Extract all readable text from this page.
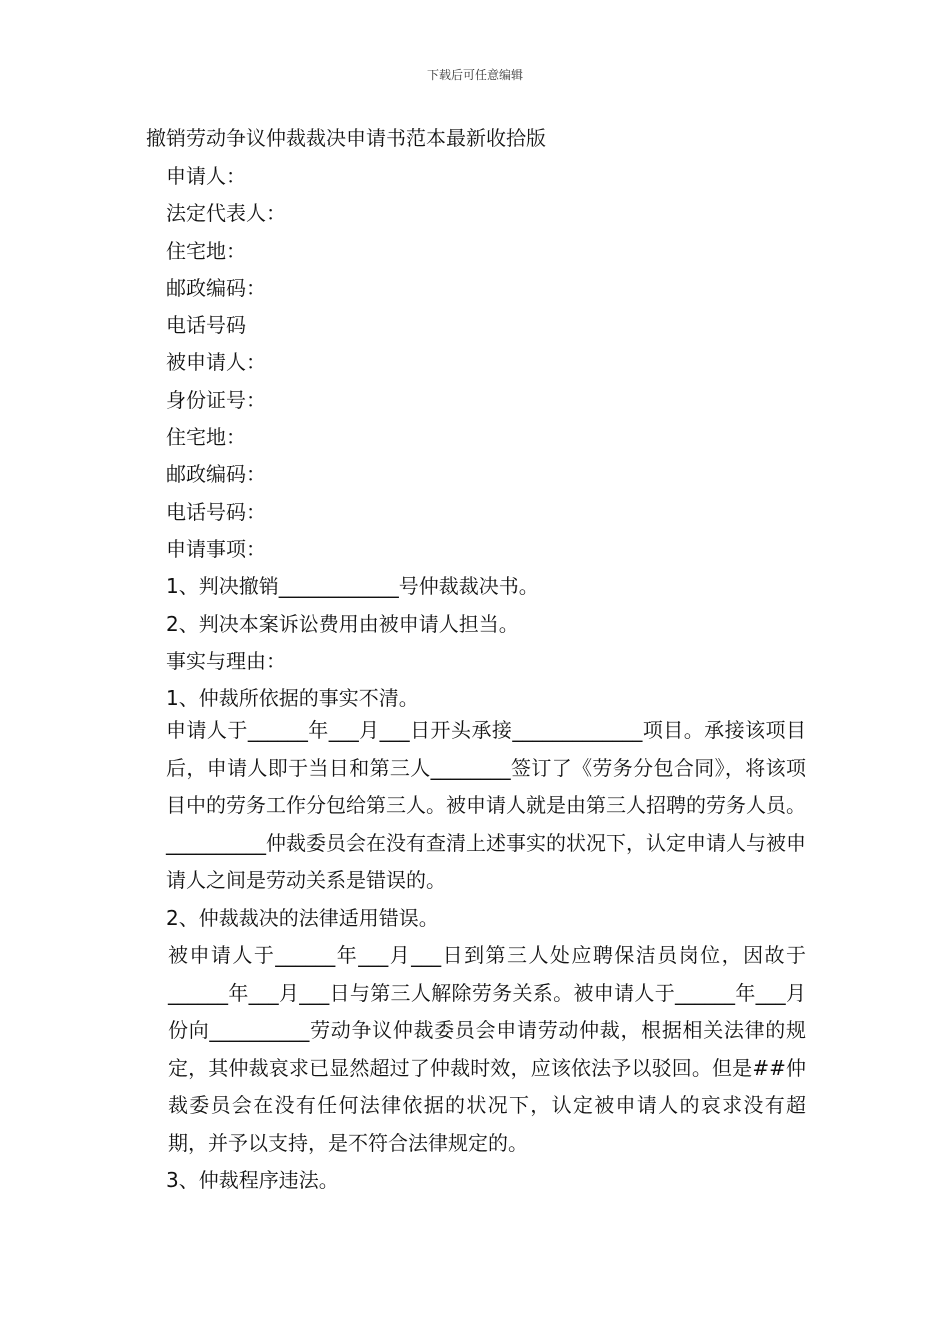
下载后可任意编辑
撤销劳动争议仲裁裁决申请书范本最新收拾版
申请人：
法定代表人：
住宅地：
邮政编码：
电话号码
被申请人：
身份证号：
住宅地：
邮政编码：
电话号码：
申请事项：
1、判决撤销____________号仲裁裁决书。
2、判决本案诉讼费用由被申请人担当。
事实与理由：
1、仲裁所依据的事实不清。

申请人于______年___月___日开头承接_____________项目。承接该项目后，申请人即于当日和第三人________签订了《劳务分包合同》，将该项目中的劳务工作分包给第三人。被申请人就是由第三人招聘的劳务人员。__________仲裁委员会在没有查清上述事实的状况下，认定申请人与被申请人之间是劳动关系是错误的。

2、仲裁裁决的法律适用错误。

被申请人于______年___月___日到第三人处应聘保洁员岗位，因故于______年___月___日与第三人解除劳务关系。被申请人于______年___月份向__________劳动争议仲裁委员会申请劳动仲裁，根据相关法律的规定，其仲裁哀求已显然超过了仲裁时效，应该依法予以驳回。但是##仲裁委员会在没有任何法律依据的状况下，认定被申请人的哀求没有超期，并予以支持，是不符合法律规定的。

3、仲裁程序违法。
